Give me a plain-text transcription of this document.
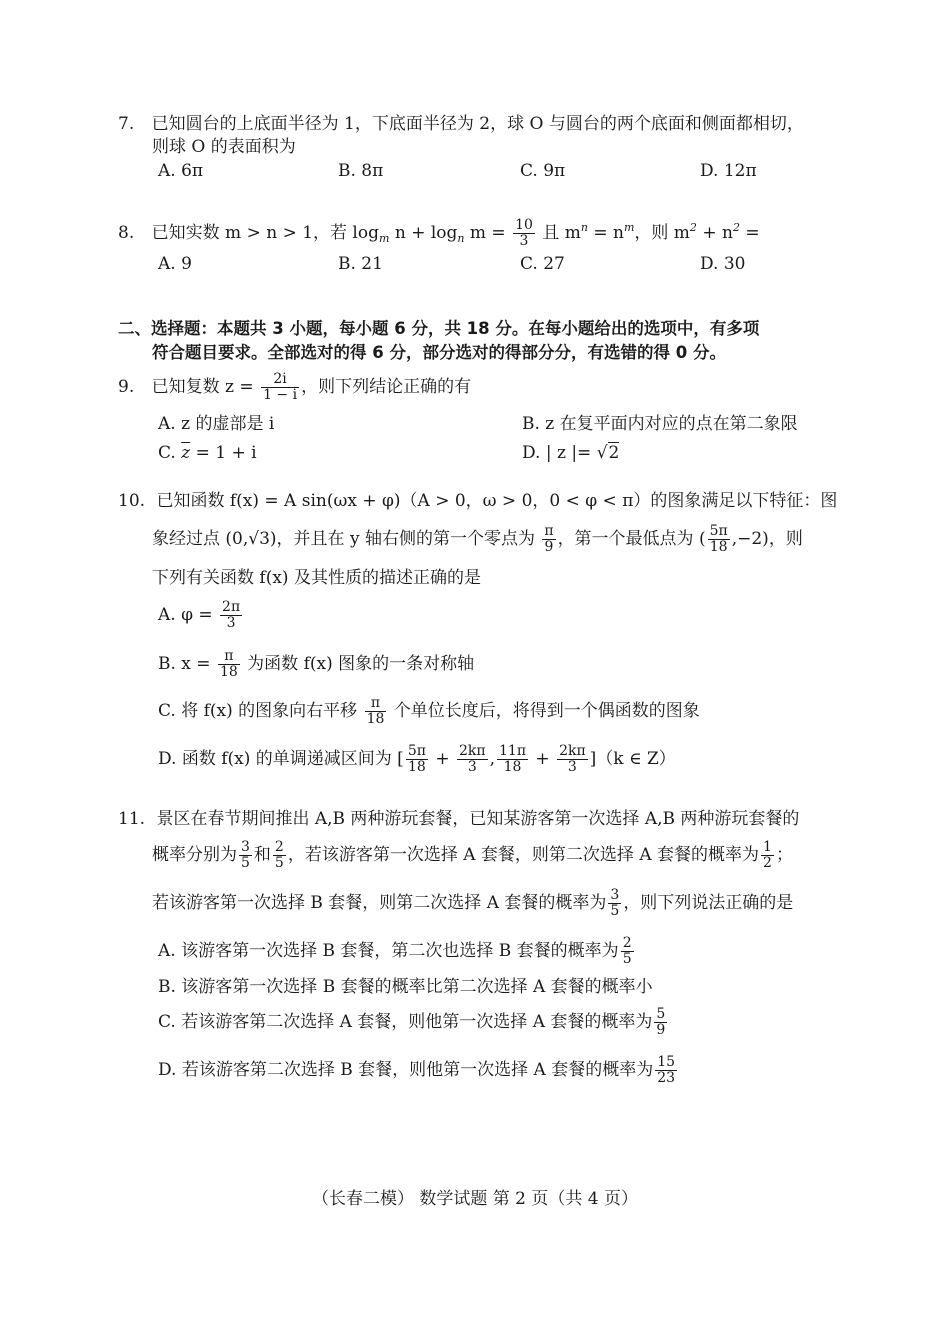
7. 已知圆台的上底面半径为 1，下底面半径为 2，球 O 与圆台的两个底面和侧面都相切，
则球 O 的表面积为
A. 6π	B. 8π	C. 9π	D. 12π
8. 已知实数 m > n > 1，若 $\log_m n + \log_n m = \frac{10}{3}$ 且 $m^n = n^m$，则 $m^2 + n^2$ =
A. 9	B. 21	C. 27	D. 30
二、选择题：本题共 3 小题，每小题 6 分，共 18 分。在每小题给出的选项中，有多项
符合题目要求。全部选对的得 6 分，部分选对的得部分分，有选错的得 0 分。
9. 已知复数 $z = \frac{2i}{1 - i}$ ，则下列结论正确的有
A. z 的虚部是 i	B. z 在复平面内对应的点在第二象限
C. $\overline{z} = 1 + i$	D. | z |= √2
10. 已知函数 f(x) = A sin(ωx + φ)（A > 0，ω > 0，0 < φ < π）的图象满足以下特征：图
象经过点 (0,√3)，并且在 y 轴右侧的第一个零点为 $\frac{\pi}{9}$ ，第一个最低点为 ( $\frac{5\pi}{18} ,-2$)，则
下列有关函数 f(x) 及其性质的描述正确的是
A. $\varphi = \frac{2\pi}{3}$
B. $x = \frac{\pi}{18}$ 为函数 f(x) 图象的一条对称轴
C. 将 f(x) 的图象向右平移 $\frac{\pi}{18}$ 个单位长度后，将得到一个偶函数的图象
D. 函数 f(x) 的单调递减区间为 [ $\frac{5\pi}{18} + \frac{2k\pi}{3}$ , $\frac{11\pi}{18} + \frac{2k\pi}{3} ](k$ ∈ Z）
11. 景区在春节期间推出 A,B 两种游玩套餐，已知某游客第一次选择 A,B 两种游玩套餐的
概率分别为 $\frac{3}{5}$ 和 $\frac{2}{5}$ ，若该游客第一次选择 A 套餐，则第二次选择 A 套餐的概率为 $\frac{1}{2}$ ；
若该游客第一次选择 B 套餐，则第二次选择 A 套餐的概率为 $\frac{3}{5}$ ，则下列说法正确的是
A. 该游客第一次选择 B 套餐，第二次也选择 B 套餐的概率为 $\frac{2}{5}$
B. 该游客第一次选择 B 套餐的概率比第二次选择 A 套餐的概率小
C. 若该游客第二次选择 A 套餐，则他第一次选择 A 套餐的概率为 $\frac{5}{9}$
D. 若该游客第二次选择 B 套餐，则他第一次选择 A 套餐的概率为 $\frac{15}{23}$
（长春二模） 数学试题 第 2 页（共 4 页）
